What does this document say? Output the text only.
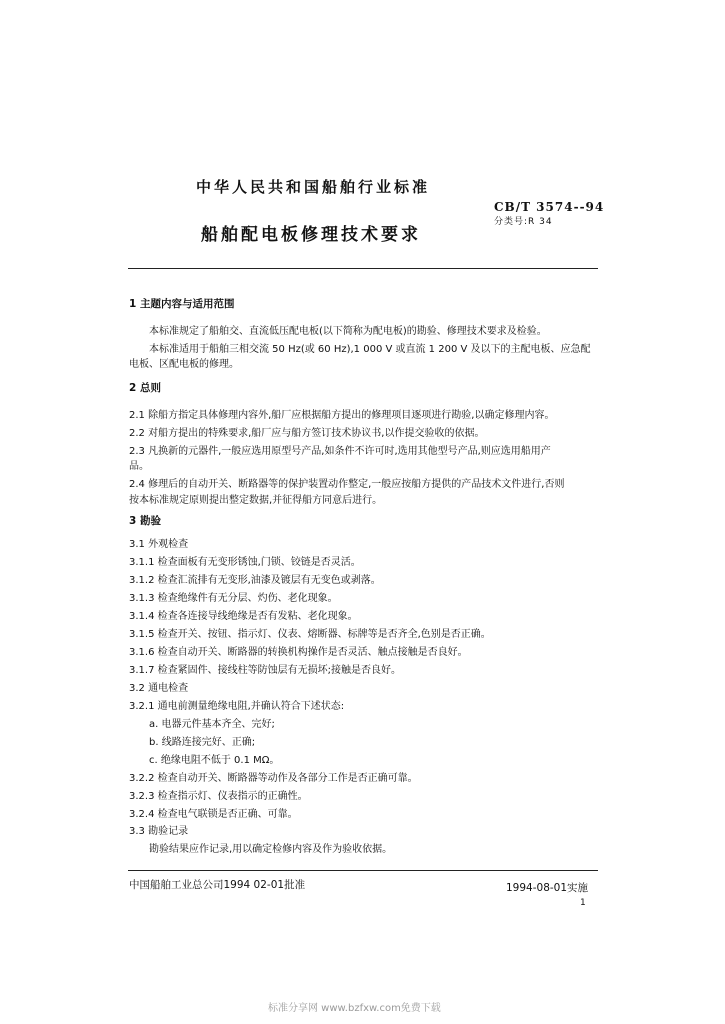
中华人民共和国船舶行业标准
CB/T 3574--94
分类号:R 34
船舶配电板修理技术要求
1 主题内容与适用范围
本标准规定了船舶交、直流低压配电板(以下简称为配电板)的勘验、修理技术要求及检验。
本标准适用于船舶三相交流 50 Hz(或 60 Hz),1 000 V 或直流 1 200 V 及以下的主配电板、应急配
电板、区配电板的修理。
2 总则
2.1 除船方指定具体修理内容外,船厂应根据船方提出的修理项目逐项进行勘验,以确定修理内容。
2.2 对船方提出的特殊要求,船厂应与船方签订技术协议书,以作提交验收的依据。
2.3 凡换新的元器件,一般应选用原型号产品,如条件不许可时,选用其他型号产品,则应选用船用产
品。
2.4 修理后的自动开关、断路器等的保护装置动作整定,一般应按船方提供的产品技术文件进行,否则
按本标准规定原则提出整定数据,并征得船方同意后进行。
3 勘验
3.1 外观检查
3.1.1 检查面板有无变形锈蚀,门锁、铰链是否灵活。
3.1.2 检查汇流排有无变形,油漆及镀层有无变色或剥落。
3.1.3 检查绝缘件有无分层、灼伤、老化现象。
3.1.4 检查各连接导线绝缘是否有发粘、老化现象。
3.1.5 检查开关、按钮、指示灯、仪表、熔断器、标牌等是否齐全,色别是否正确。
3.1.6 检查自动开关、断路器的转换机构操作是否灵活、触点接触是否良好。
3.1.7 检查紧固件、接线柱等防蚀层有无损坏;接触是否良好。
3.2 通电检查
3.2.1 通电前测量绝缘电阻,并确认符合下述状态:
a. 电器元件基本齐全、完好;
b. 线路连接完好、正确;
c. 绝缘电阻不低于 0.1 MΩ。
3.2.2 检查自动开关、断路器等动作及各部分工作是否正确可靠。
3.2.3 检查指示灯、仪表指示的正确性。
3.2.4 检查电气联锁是否正确、可靠。
3.3 勘验记录
勘验结果应作记录,用以确定检修内容及作为验收依据。
中国船舶工业总公司1994 02-01批准	1994-08-01实施
1
标准分享网 www.bzfxw.com免费下载
